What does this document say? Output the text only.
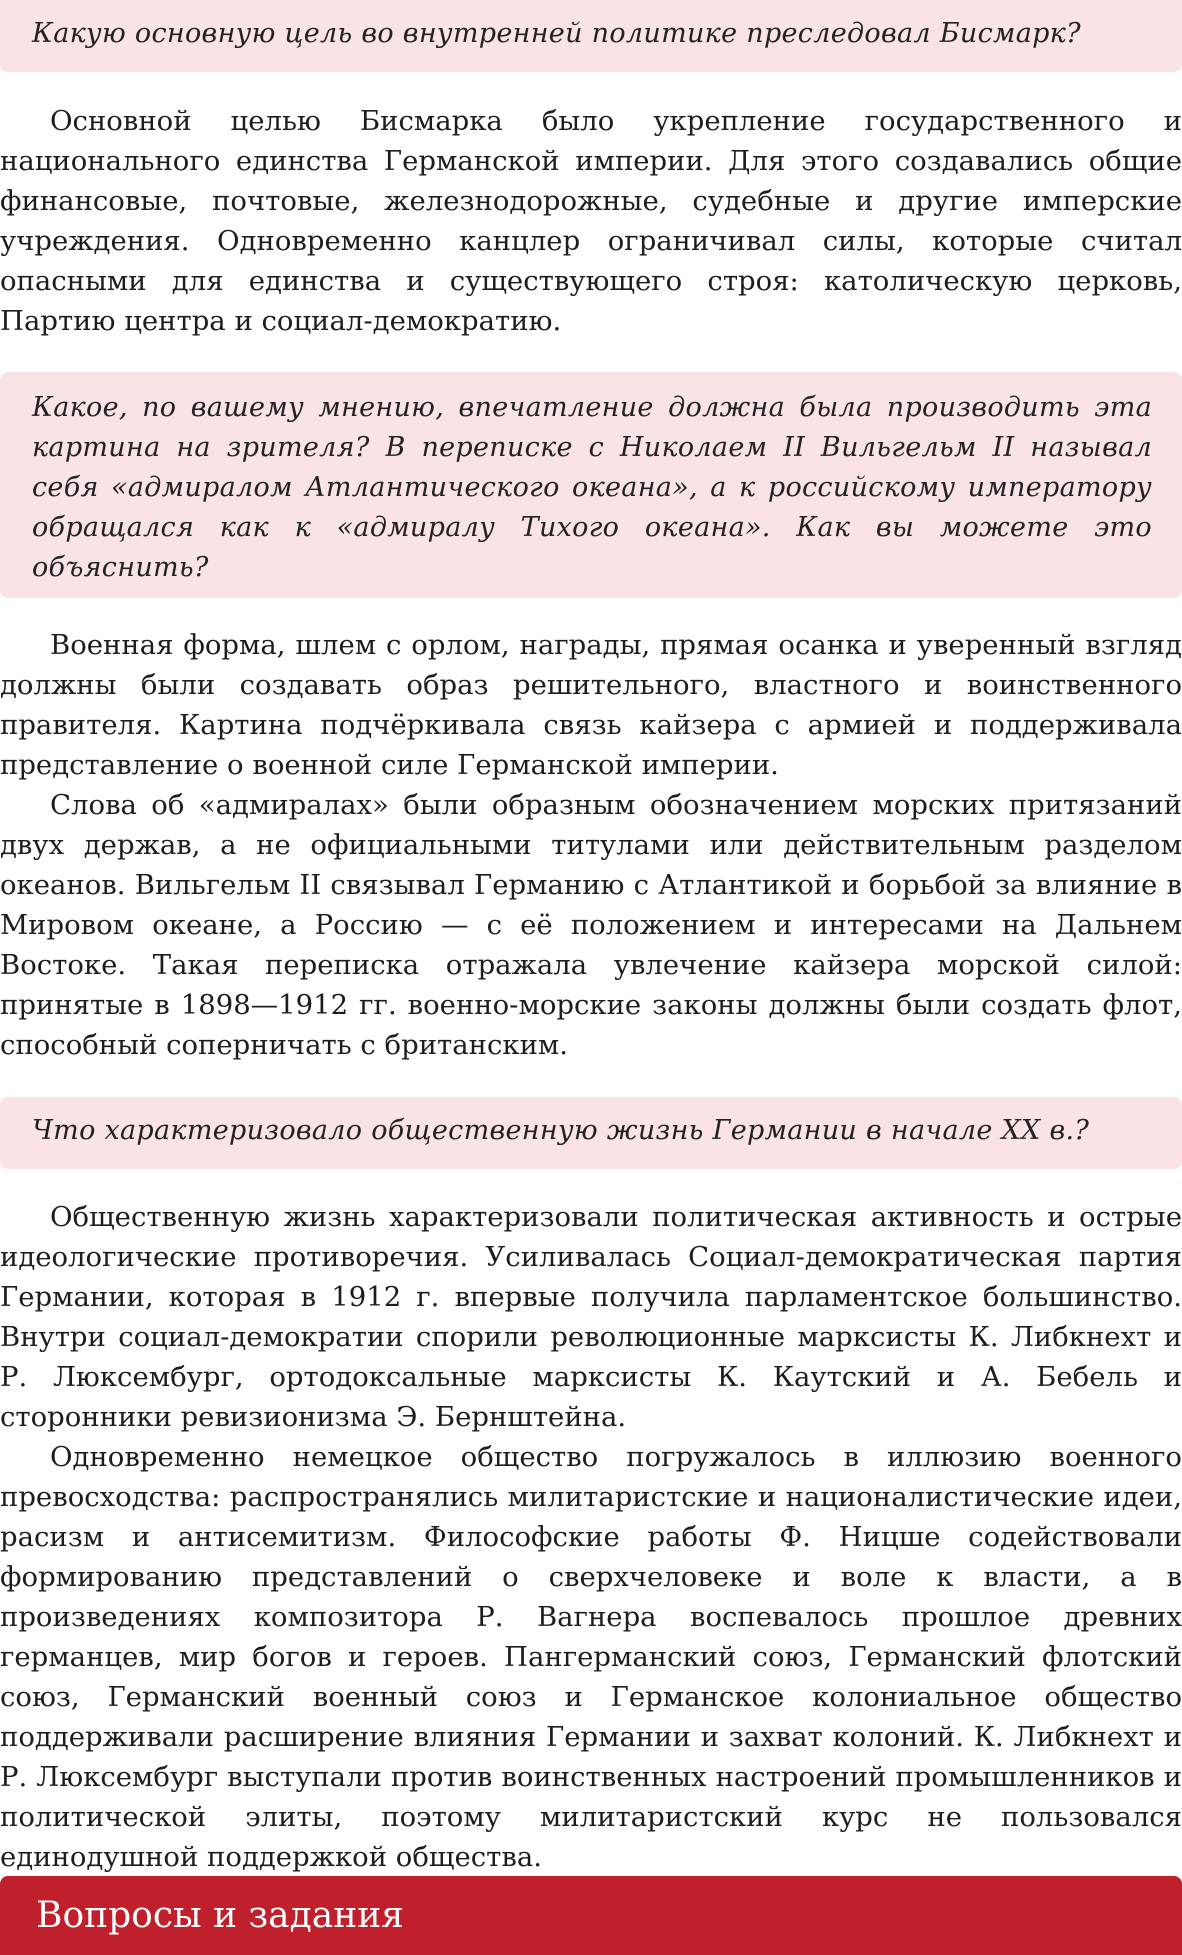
Какую основную цель во внутренней политике преследовал Бисмарк?

Основной целью Бисмарка было укрепление государственного и национального единства Германской империи. Для этого создавались общие финансовые, почтовые, железнодорожные, судебные и другие имперские учреждения. Одновременно канцлер ограничивал силы, которые считал опасными для единства и существующего строя: католическую церковь, Партию центра и социал-демократию.

Какое, по вашему мнению, впечатление должна была производить эта картина на зрителя? В переписке с Николаем II Вильгельм II называл себя «адмиралом Атлантического океана», а к российскому императору обращался как к «адмиралу Тихого океана». Как вы можете это объяснить?

Военная форма, шлем с орлом, награды, прямая осанка и уверенный взгляд должны были создавать образ решительного, властного и воинственного правителя. Картина подчёркивала связь кайзера с армией и поддерживала представление о военной силе Германской империи.

Слова об «адмиралах» были образным обозначением морских притязаний двух держав, а не официальными титулами или действительным разделом океанов. Вильгельм II связывал Германию с Атлантикой и борьбой за влияние в Мировом океане, а Россию — с её положением и интересами на Дальнем Востоке. Такая переписка отражала увлечение кайзера морской силой: принятые в 1898—1912 гг. военно-морские законы должны были создать флот, способный соперничать с британским.

Что характеризовало общественную жизнь Германии в начале XX в.?

Общественную жизнь характеризовали политическая активность и острые идеологические противоречия. Усиливалась Социал-демократическая партия Германии, которая в 1912 г. впервые получила парламентское большинство. Внутри социал-демократии спорили революционные марксисты К. Либкнехт и Р. Люксембург, ортодоксальные марксисты К. Каутский и А. Бебель и сторонники ревизионизма Э. Бернштейна.

Одновременно немецкое общество погружалось в иллюзию военного превосходства: распространялись милитаристские и националистические идеи, расизм и антисемитизм. Философские работы Ф. Ницше содействовали формированию представлений о сверхчеловеке и воле к власти, а в произведениях композитора Р. Вагнера воспевалось прошлое древних германцев, мир богов и героев. Пангерманский союз, Германский флотский союз, Германский военный союз и Германское колониальное общество поддерживали расширение влияния Германии и захват колоний. К. Либкнехт и Р. Люксембург выступали против воинственных настроений промышленников и политической элиты, поэтому милитаристский курс не пользовался единодушной поддержкой общества.

Вопросы и задания
